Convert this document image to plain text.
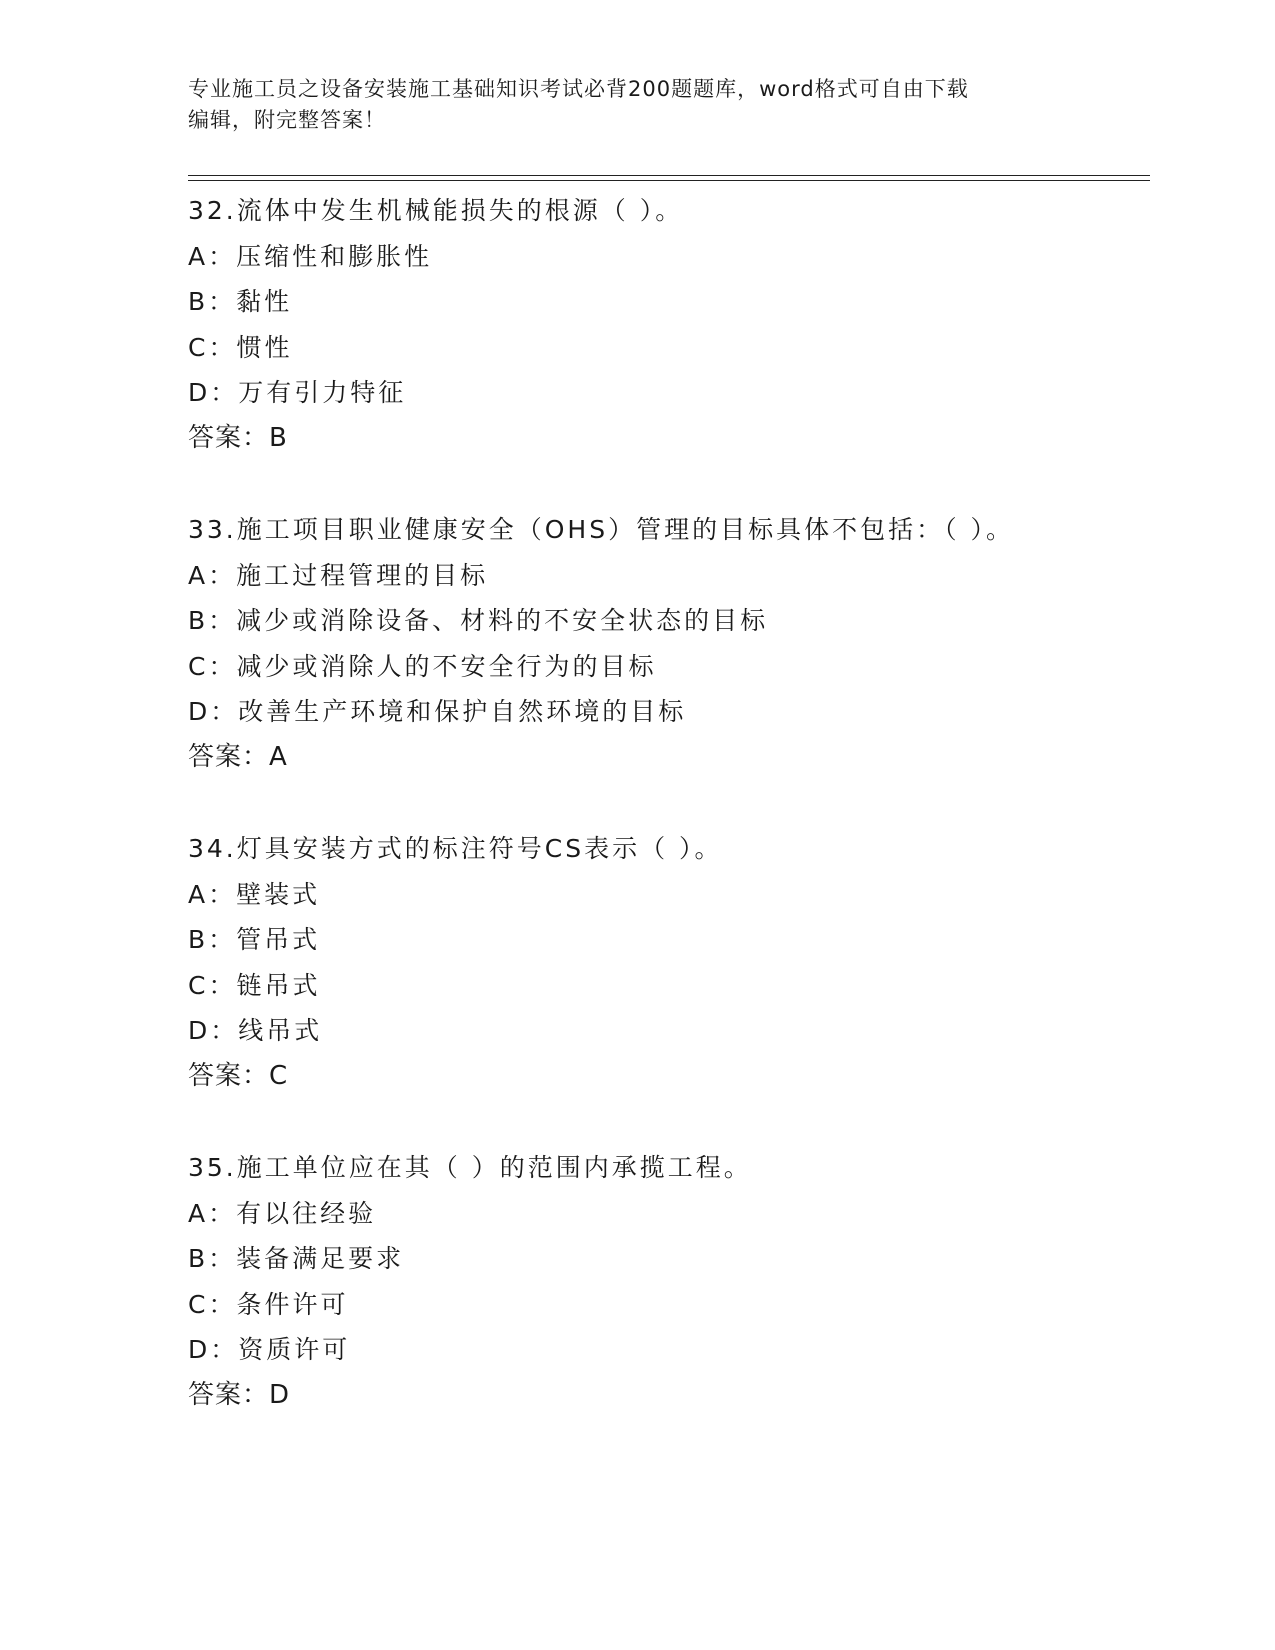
专业施工员之设备安装施工基础知识考试必背200题题库，word格式可自由下载
编辑，附完整答案！
32.流体中发生机械能损失的根源（ ）。
A：压缩性和膨胀性
B：黏性
C：惯性
D：万有引力特征
答案：B
33.施工项目职业健康安全（OHS）管理的目标具体不包括：（ ）。
A：施工过程管理的目标
B：减少或消除设备、材料的不安全状态的目标
C：减少或消除人的不安全行为的目标
D：改善生产环境和保护自然环境的目标
答案：A
34.灯具安装方式的标注符号CS表示（ ）。
A：壁装式
B：管吊式
C：链吊式
D：线吊式
答案：C
35.施工单位应在其（ ）的范围内承揽工程。
A：有以往经验
B：装备满足要求
C：条件许可
D：资质许可
答案：D
